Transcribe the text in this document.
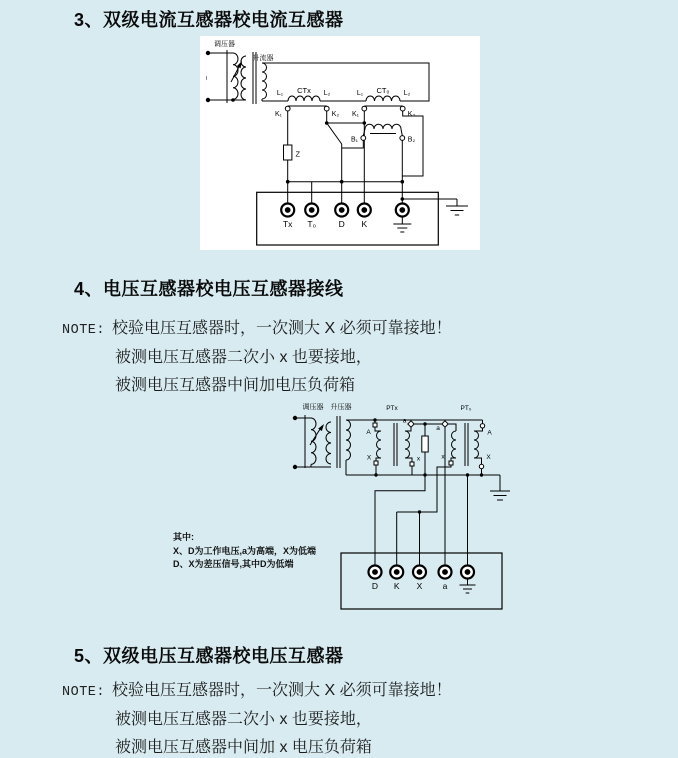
3、双级电流互感器校电流互感器
调压器
升流器
~
L₁	L₂	L₁	L₂
CTx	CT₀
K₁	K₂ K₁	K₂
B₁	B₂
Z
Tx T₀	D K
4、电压互感器校电压互感器接线
NOTE: 校验电压互感器时，一次测大 X 必须可靠接地！
被测电压互感器二次小 x 也要接地，
被测电压互感器中间加电压负荷箱
调压器 升压器	PTx	PT₀
A
X
a
x
a
x
A
X
D K X a
其中:
X、D为工作电压,a为高端，X为低端
D、X为差压信号,其中D为低端
5、双级电压互感器校电压互感器
NOTE: 校验电压互感器时，一次测大 X 必须可靠接地！
被测电压互感器二次小 x 也要接地，
被测电压互感器中间加 x 电压负荷箱
